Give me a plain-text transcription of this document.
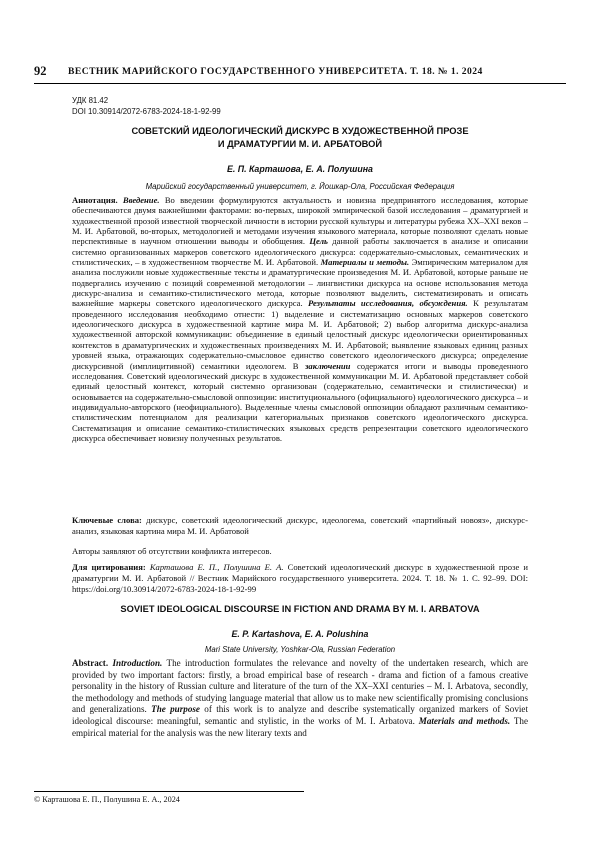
92 ВЕСТНИК МАРИЙСКОГО ГОСУДАРСТВЕННОГО УНИВЕРСИТЕТА. Т. 18. № 1. 2024
УДК 81.42
DOI 10.30914/2072-6783-2024-18-1-92-99
СОВЕТСКИЙ ИДЕОЛОГИЧЕСКИЙ ДИСКУРС В ХУДОЖЕСТВЕННОЙ ПРОЗЕ
И ДРАМАТУРГИИ М. И. АРБАТОВОЙ
Е. П. Карташова, Е. А. Полушина
Марийский государственный университет, г. Йошкар-Ола, Российская Федерация

Аннотация. Введение. Во введении формулируются актуальность и новизна предпринятого исследования, которые обеспечиваются двумя важнейшими факторами: во-первых, широкой эмпирической базой исследования – драматургией и художественной прозой известной творческой личности в истории русской культуры и литературы рубежа XX–XXI веков – М. И. Арбатовой, во-вторых, методологией и методами изучения языкового материала, которые позволяют сделать новые перспективные в научном отношении выводы и обобщения. Цель данной работы заключается в анализе и описании системно организованных маркеров советского идеологического дискурса: содержательно-смысловых, семантических и стилистических, – в художественном творчестве М. И. Арбатовой. Материалы и методы. Эмпирическим материалом для анализа послужили новые художественные тексты и драматургические произведения М. И. Арбатовой, которые раньше не подвергались изучению с позиций современной методологии – лингвистики дискурса на основе использования метода дискурс-анализа и семантико-стилистического метода, которые позволяют выделить, систематизировать и описать важнейшие маркеры советского идеологического дискурса. Результаты исследования, обсуждения. К результатам проведенного исследования необходимо отнести: 1) выделение и систематизацию основных маркеров советского идеологического дискурса в художественной картине мира М. И. Арбатовой; 2) выбор алгоритма дискурс-анализа художественной авторской коммуникации: объединение в единый целостный дискурс идеологически ориентированных контекстов в драматургических и художественных произведениях М. И. Арбатовой; выявление языковых единиц разных уровней языка, отражающих содержательно-смысловое единство советского идеологического дискурса; определение дискурсивной (имплицитивной) семантики идеологем. В заключении содержатся итоги и выводы проведенного исследования. Советский идеологический дискурс в художественной коммуникации М. И. Арбатовой представляет собой единый целостный контекст, который системно организован (содержательно, семантически и стилистически) и основывается на содержательно-смысловой оппозиции: институционального (официального) идеологического дискурса – и индивидуально-авторского (неофициального). Выделенные члены смысловой оппозиции обладают различным семантико-стилистическим потенциалом для реализации категориальных признаков советского идеологического дискурса. Систематизация и описание семантико-стилистических языковых средств репрезентации советского идеологического дискурса обеспечивает новизну полученных результатов.

Ключевые слова: дискурс, советский идеологический дискурс, идеологема, советский «партийный новояз», дискурс-анализ, языковая картина мира М. И. Арбатовой
Авторы заявляют об отсутствии конфликта интересов.
Для цитирования: Карташова Е. П., Полушина Е. А. Советский идеологический дискурс в художественной прозе и драматургии М. И. Арбатовой // Вестник Марийского государственного университета. 2024. Т. 18. № 1. С. 92–99. DOI: https://doi.org/10.30914/2072-6783-2024-18-1-92-99
SOVIET IDEOLOGICAL DISCOURSE IN FICTION AND DRAMA BY M. I. ARBATOVA
E. P. Kartashova, E. A. Polushina
Mari State University, Yoshkar-Ola, Russian Federation

Abstract. Introduction. The introduction formulates the relevance and novelty of the undertaken research, which are provided by two important factors: firstly, a broad empirical base of research - drama and fiction of a famous creative personality in the history of Russian culture and literature of the turn of the XX–XXI centuries – M. I. Arbatova, secondly, the methodology and methods of studying language material that allow us to make new scientifically promising conclusions and generalizations. The purpose of this work is to analyze and describe systematically organized markers of Soviet ideological discourse: meaningful, semantic and stylistic, in the works of M. I. Arbatova. Materials and methods. The empirical material for the analysis was the new literary texts and

© Карташова Е. П., Полушина Е. А., 2024
